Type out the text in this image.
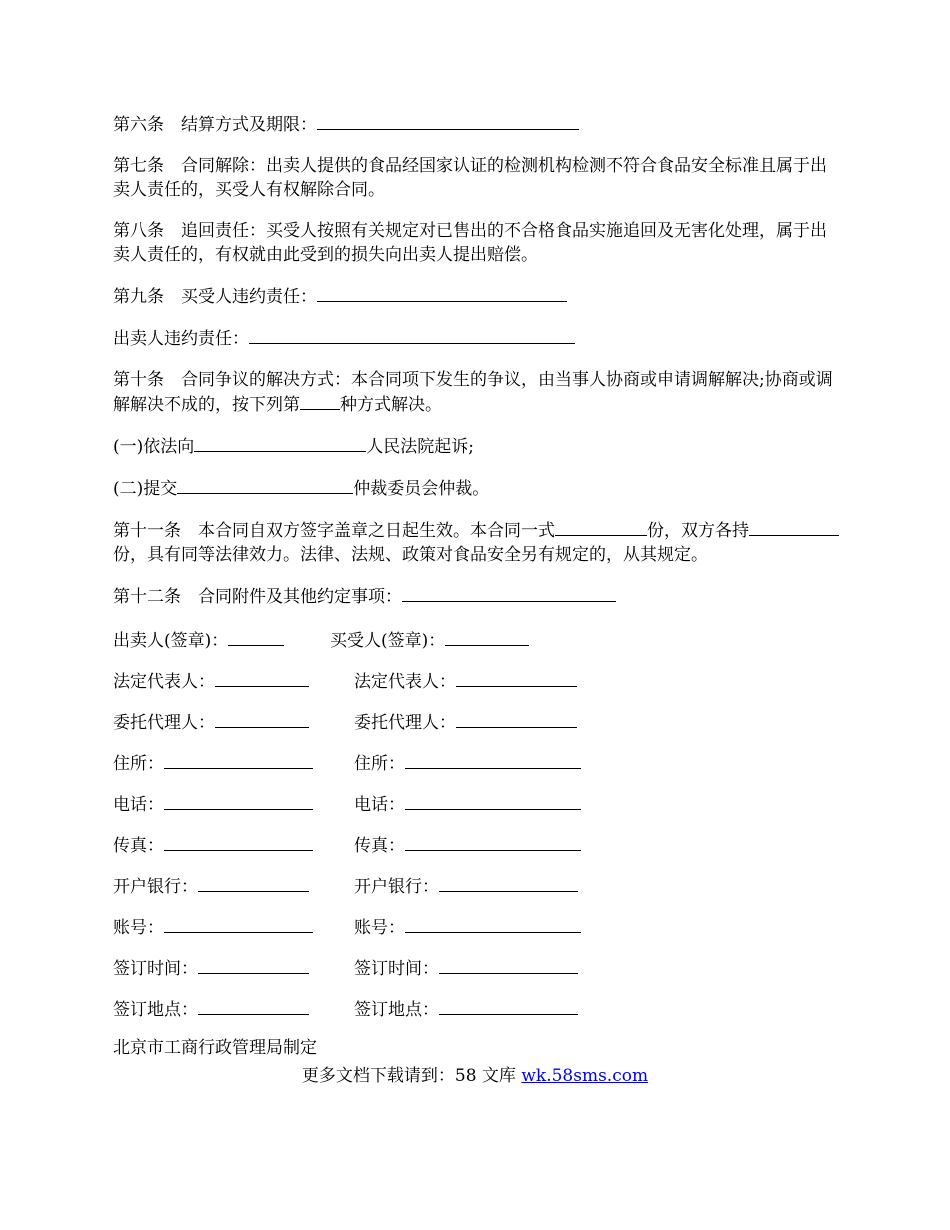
第六条　结算方式及期限：

第七条　合同解除：出卖人提供的食品经国家认证的检测机构检测不符合食品安全标准且属于出卖人责任的，买受人有权解除合同。

第八条　追回责任：买受人按照有关规定对已售出的不合格食品实施追回及无害化处理，属于出卖人责任的，有权就由此受到的损失向出卖人提出赔偿。

第九条　买受人违约责任：

出卖人违约责任：

第十条　合同争议的解决方式：本合同项下发生的争议，由当事人协商或申请调解解决;协商或调解解决不成的，按下列第 种方式解决。

(一)依法向	人民法院起诉;

(二)提交	仲裁委员会仲裁。

第十一条　本合同自双方签字盖章之日起生效。本合同一式	份，双方各持份，具有同等法律效力。法律、法规、政策对食品安全另有规定的，从其规定。

第十二条　合同附件及其他约定事项：

出卖人(签章)：	买受人(签章)：
法定代表人：	法定代表人：
委托代理人：	委托代理人：
住所：	住所：
电话：	电话：
传真：	传真：
开户银行：	开户银行：
账号：	账号：
签订时间：	签订时间：
签订地点：	签订地点：

北京市工商行政管理局制定

更多文档下载请到：58 文库 wk.58sms.com
